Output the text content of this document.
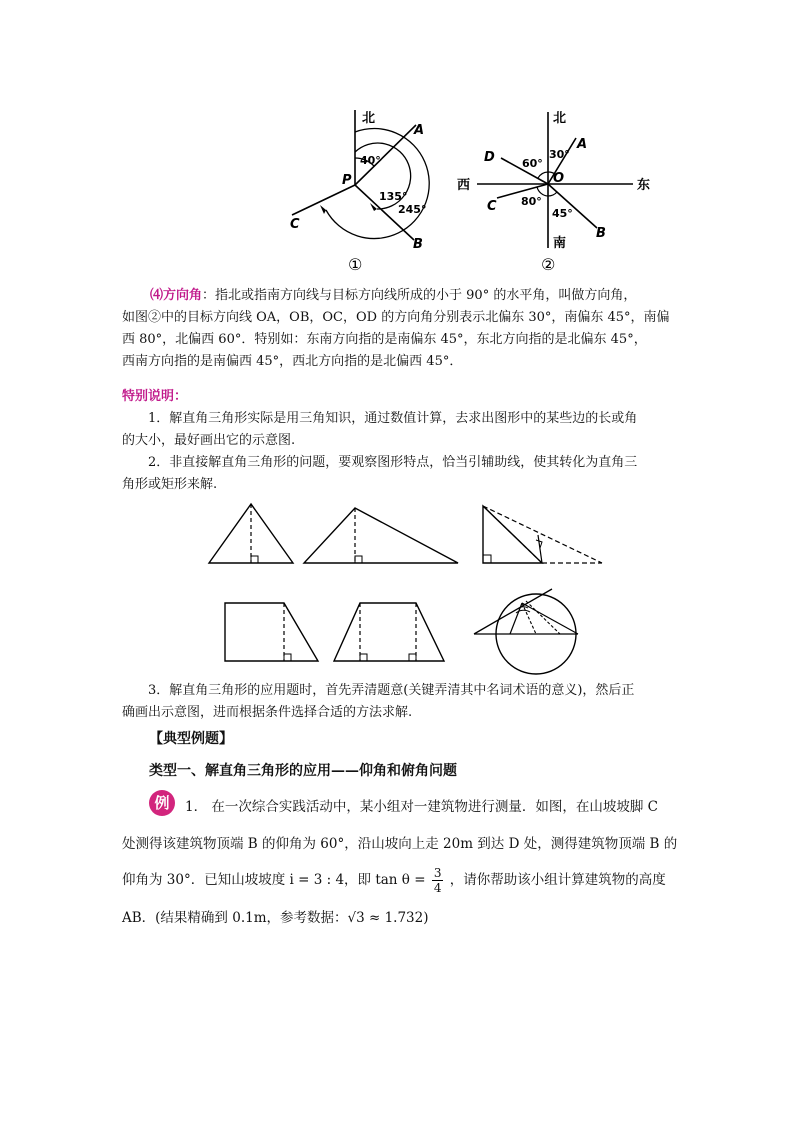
北
A
B
C
P
40°
135°
245°
①
北
南
西	东
A
B
C
D
O
30°
60°
80°
45°
②
⑷方向角：指北或指南方向线与目标方向线所成的小于 90° 的水平角，叫做方向角，
如图②中的目标方向线 OA，OB，OC，OD 的方向角分别表示北偏东 30°，南偏东 45°，南偏
西 80°，北偏西 60°．特别如：东南方向指的是南偏东 45°，东北方向指的是北偏东 45°，
西南方向指的是南偏西 45°，西北方向指的是北偏西 45°．
特别说明：
1．解直角三角形实际是用三角知识，通过数值计算，去求出图形中的某些边的长或角
的大小，最好画出它的示意图.
2．非直接解直角三角形的问题，要观察图形特点，恰当引辅助线，使其转化为直角三
角形或矩形来解.
3．解直角三角形的应用题时，首先弄清题意(关键弄清其中名词术语的意义)，然后正
确画出示意图，进而根据条件选择合适的方法求解.
【典型例题】
类型一、解直角三角形的应用——仰角和俯角问题
例	1． 在一次综合实践活动中，某小组对一建筑物进行测量．如图，在山坡坡脚 C
处测得该建筑物顶端 B 的仰角为 60°，沿山坡向上走 20m 到达 D 处，测得建筑物顶端 B 的
仰角为 30°．已知山坡坡度 i = 3 : 4，即 $\tan \theta = \frac{3}{4}$ ，请你帮助该小组计算建筑物的高度
AB．(结果精确到 0.1m，参考数据：√3 ≈ 1.732)
